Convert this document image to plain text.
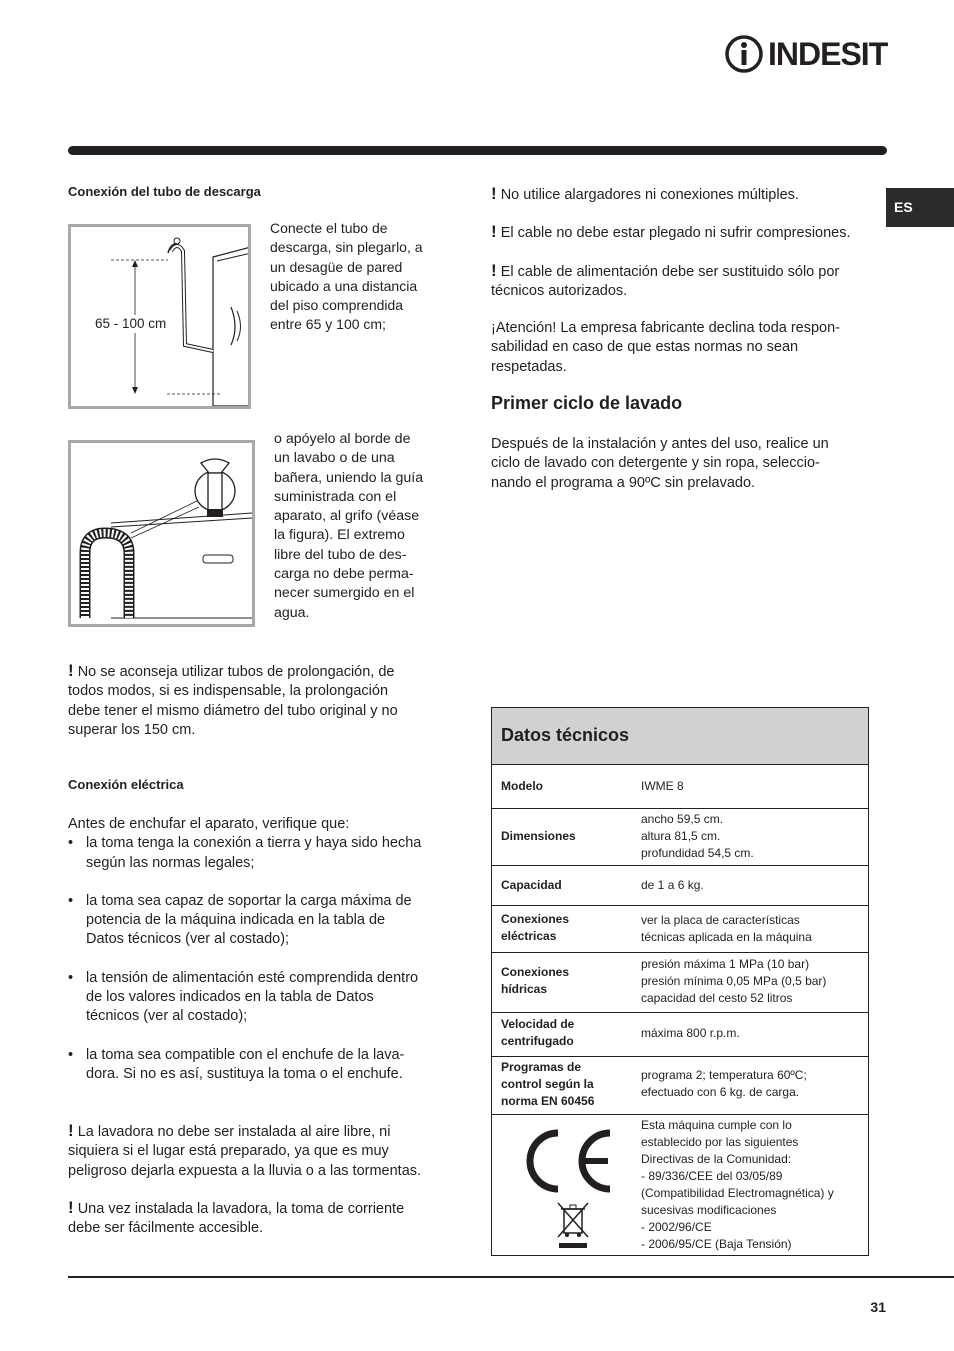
INDESIT
ES
Conexión del tubo de descarga
65 - 100 cm
Conecte el tubo de
descarga, sin plegarlo, a
un desagüe de pared
ubicado a una distancia
del piso comprendida
entre 65 y 100 cm;
o apóyelo al borde de
un lavabo o de una
bañera, uniendo la guía
suministrada con el
aparato, al grifo (véase
la figura). El extremo
libre del tubo de des-
carga no debe perma-
necer sumergido en el
agua.
! No se aconseja utilizar tubos de prolongación, de
todos modos, si es indispensable, la prolongación
debe tener el mismo diámetro del tubo original y no
superar los 150 cm.
Conexión eléctrica
Antes de enchufar el aparato, verifique que:
• la toma tenga la conexión a tierra y haya sido hecha
según las normas legales;
• la toma sea capaz de soportar la carga máxima de
potencia de la máquina indicada en la tabla de
Datos técnicos (ver al costado);
• la tensión de alimentación esté comprendida dentro
de los valores indicados en la tabla de Datos
técnicos (ver al costado);
• la toma sea compatible con el enchufe de la lava-
dora. Si no es así, sustituya la toma o el enchufe.
! La lavadora no debe ser instalada al aire libre, ni
siquiera si el lugar está preparado, ya que es muy
peligroso dejarla expuesta a la lluvia o a las tormentas.
! Una vez instalada la lavadora, la toma de corriente
debe ser fácilmente accesible.
! No utilice alargadores ni conexiones múltiples.
! El cable no debe estar plegado ni sufrir compresiones.
! El cable de alimentación debe ser sustituido sólo por
técnicos autorizados.
¡Atención! La empresa fabricante declina toda respon-
sabilidad en caso de que estas normas no sean
respetadas.
Primer ciclo de lavado
Después de la instalación y antes del uso, realice un
ciclo de lavado con detergente y sin ropa, seleccio-
nando el programa a 90ºC sin prelavado.
Datos técnicos
Modelo	IWME 8
Dimensiones
ancho 59,5 cm.
altura 81,5 cm.
profundidad 54,5 cm.
Capacidad	de 1 a 6 kg.
Conexiones
eléctricas
ver la placa de características
técnicas aplicada en la máquina
Conexiones
hídricas
presión máxima 1 MPa (10 bar)
presión mínima 0,05 MPa (0,5 bar)
capacidad del cesto 52 litros
Velocidad de
centrifugado
máxima 800 r.p.m.
Programas de
control según la
norma EN 60456
programa 2; temperatura 60ºC;
efectuado con 6 kg. de carga.
Esta máquina cumple con lo
establecido por las siguientes
Directivas de la Comunidad:
- 89/336/CEE del 03/05/89
(Compatibilidad Electromagnética) y
sucesivas modificaciones
- 2002/96/CE
- 2006/95/CE (Baja Tensión)
31
